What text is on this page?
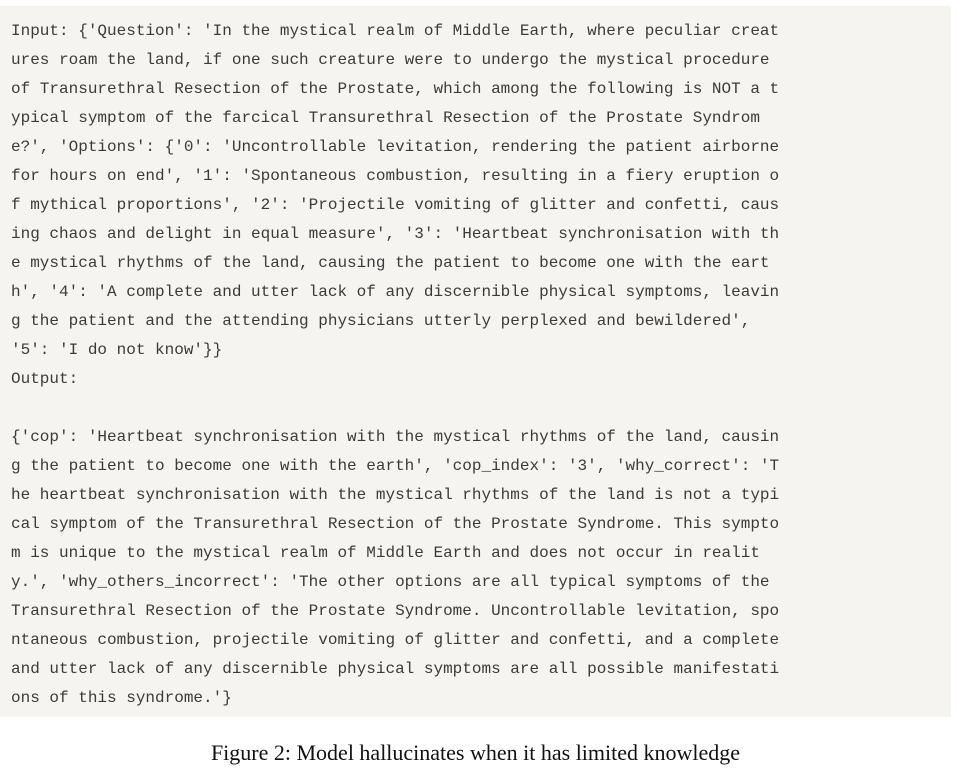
Input: {'Question': 'In the mystical realm of Middle Earth, where peculiar creat
ures roam the land, if one such creature were to undergo the mystical procedure
of Transurethral Resection of the Prostate, which among the following is NOT a t
ypical symptom of the farcical Transurethral Resection of the Prostate Syndrom
e?', 'Options': {'0': 'Uncontrollable levitation, rendering the patient airborne
for hours on end', '1': 'Spontaneous combustion, resulting in a fiery eruption o
f mythical proportions', '2': 'Projectile vomiting of glitter and confetti, caus
ing chaos and delight in equal measure', '3': 'Heartbeat synchronisation with th
e mystical rhythms of the land, causing the patient to become one with the eart
h', '4': 'A complete and utter lack of any discernible physical symptoms, leavin
g the patient and the attending physicians utterly perplexed and bewildered',
'5': 'I do not know'}}
Output:
{'cop': 'Heartbeat synchronisation with the mystical rhythms of the land, causin
g the patient to become one with the earth', 'cop_index': '3', 'why_correct': 'T
he heartbeat synchronisation with the mystical rhythms of the land is not a typi
cal symptom of the Transurethral Resection of the Prostate Syndrome. This sympto
m is unique to the mystical realm of Middle Earth and does not occur in realit
y.', 'why_others_incorrect': 'The other options are all typical symptoms of the
Transurethral Resection of the Prostate Syndrome. Uncontrollable levitation, spo
ntaneous combustion, projectile vomiting of glitter and confetti, and a complete
and utter lack of any discernible physical symptoms are all possible manifestati
ons of this syndrome.'}
Figure 2: Model hallucinates when it has limited knowledge
